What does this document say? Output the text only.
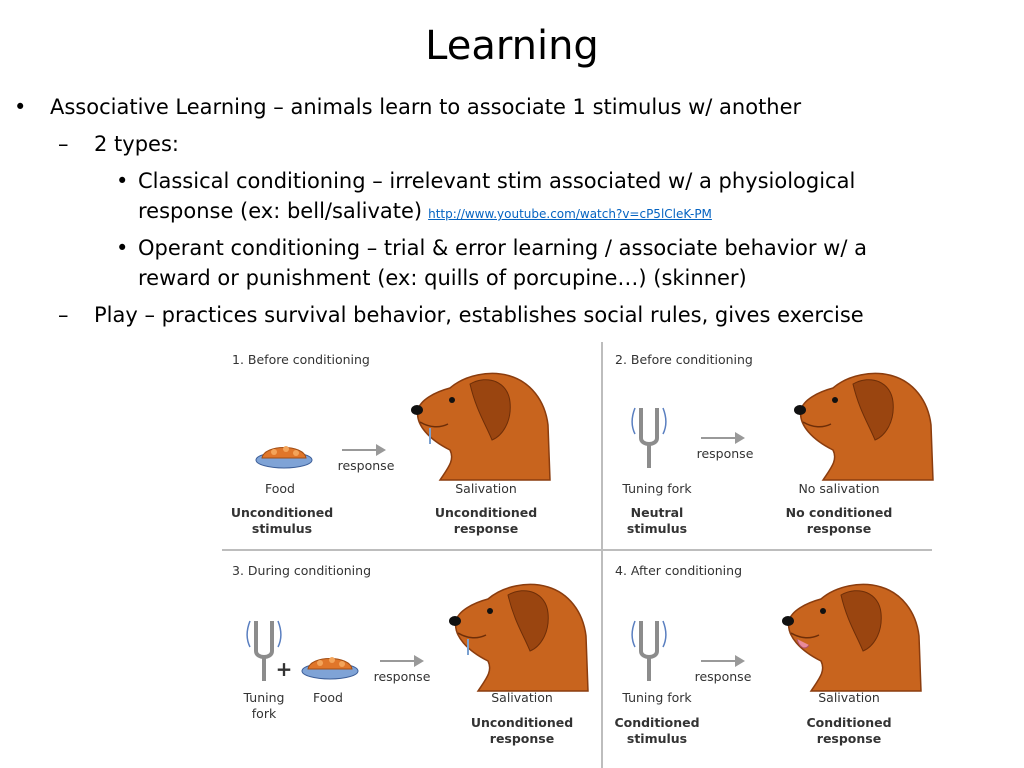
Learning
• Associative Learning – animals learn to associate 1 stimulus w/ another
– 2 types:
• Classical conditioning – irrelevant stim associated w/ a physiological
response (ex: bell/salivate) http://www.youtube.com/watch?v=cP5lCleK-PM
• Operant conditioning – trial & error learning / associate behavior w/ a
reward or punishment (ex: quills of porcupine…) (skinner)
– Play – practices survival behavior, establishes social rules, gives exercise
1. Before conditioning
response
Food
Unconditioned
stimulus
Salivation
Unconditioned
response
2. Before conditioning
response
Tuning fork
Neutral
stimulus
No salivation
No conditioned
response
3. During conditioning
+	response
Tuning
fork
Food	Salivation
Unconditioned
response
4. After conditioning
response
Tuning fork
Conditioned
stimulus
Salivation
Conditioned
response
